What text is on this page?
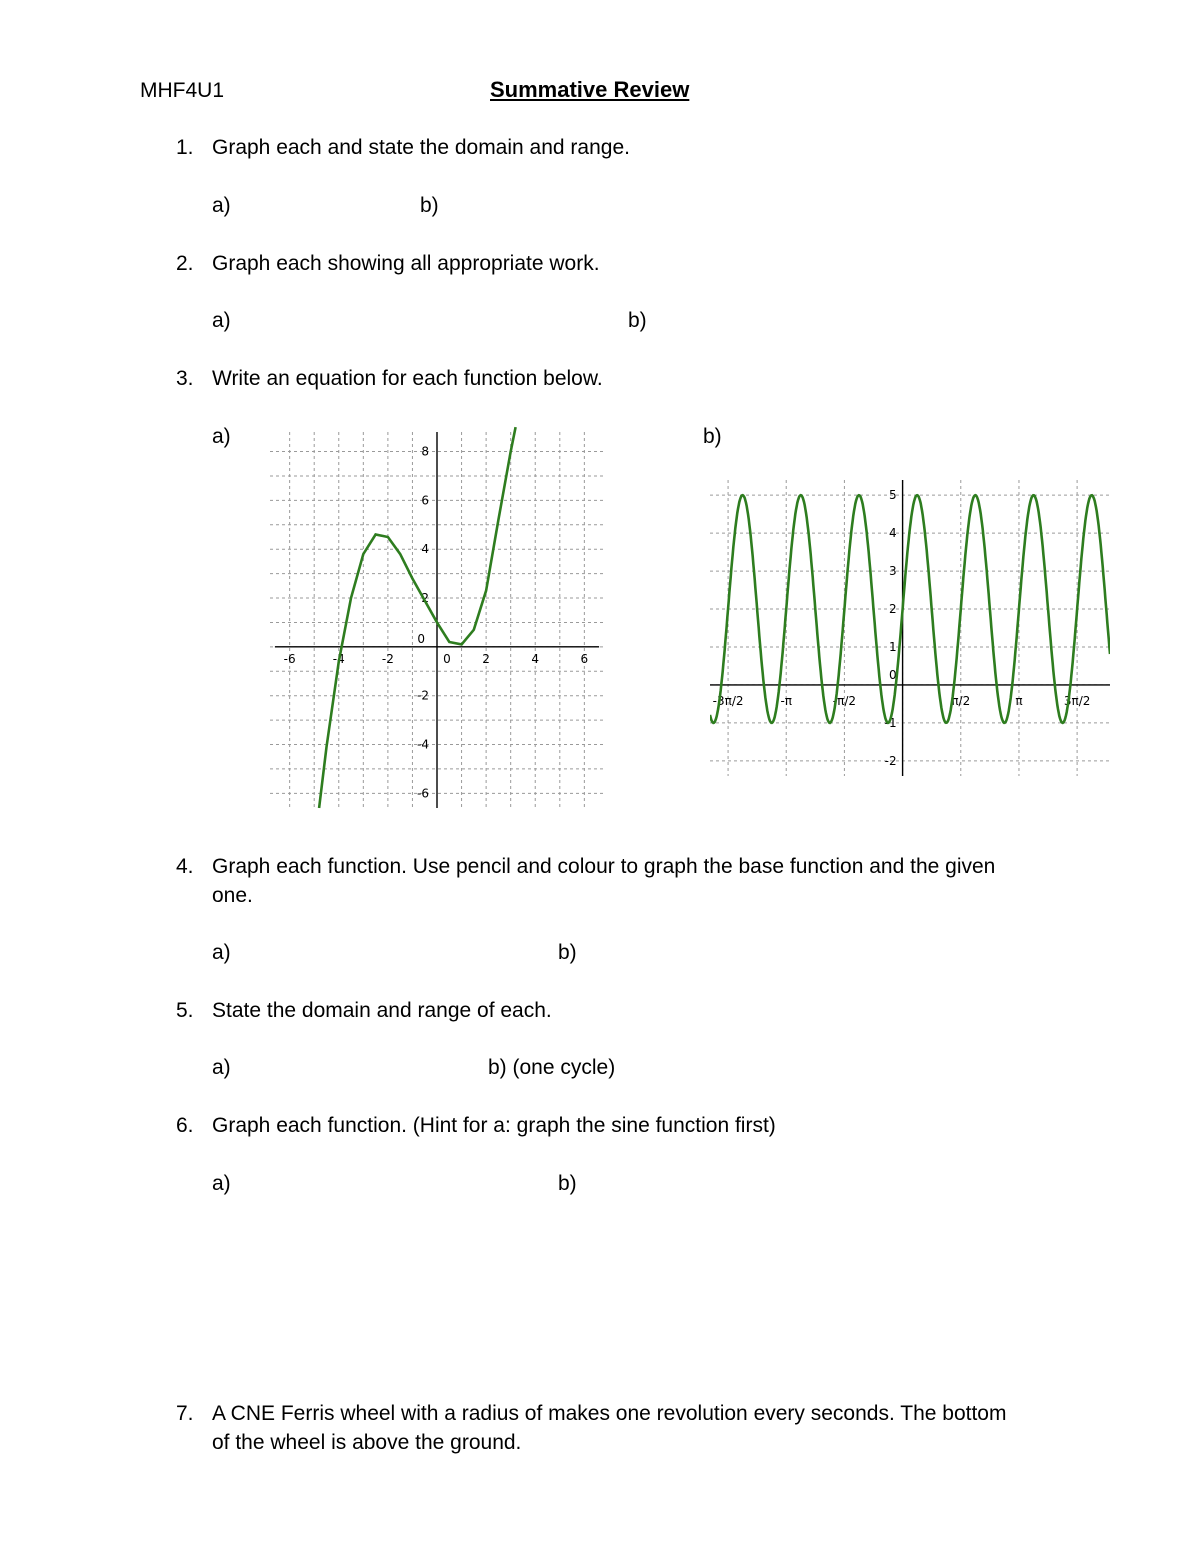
MHF4U1	Summative Review
1. Graph each and state the domain and range.
a)	b)
2. Graph each showing all appropriate work.
a)	b)
3. Write an equation for each function below.
a)	b)
-6	-4	-2	0	2	4	6
8
6
4
2
0
-2
-4
-6
-3π/2	-π	-π/2	π/2	π	3π/2
5
4
3
2
1
0
-1
-2
4. Graph each function. Use pencil and colour to graph the base function and the given
one.
a)	b)
5. State the domain and range of each.
a)	b) (one cycle)
6. Graph each function. (Hint for a: graph the sine function first)
a)	b)
7. A CNE Ferris wheel with a radius of makes one revolution every seconds. The bottom
of the wheel is above the ground.
